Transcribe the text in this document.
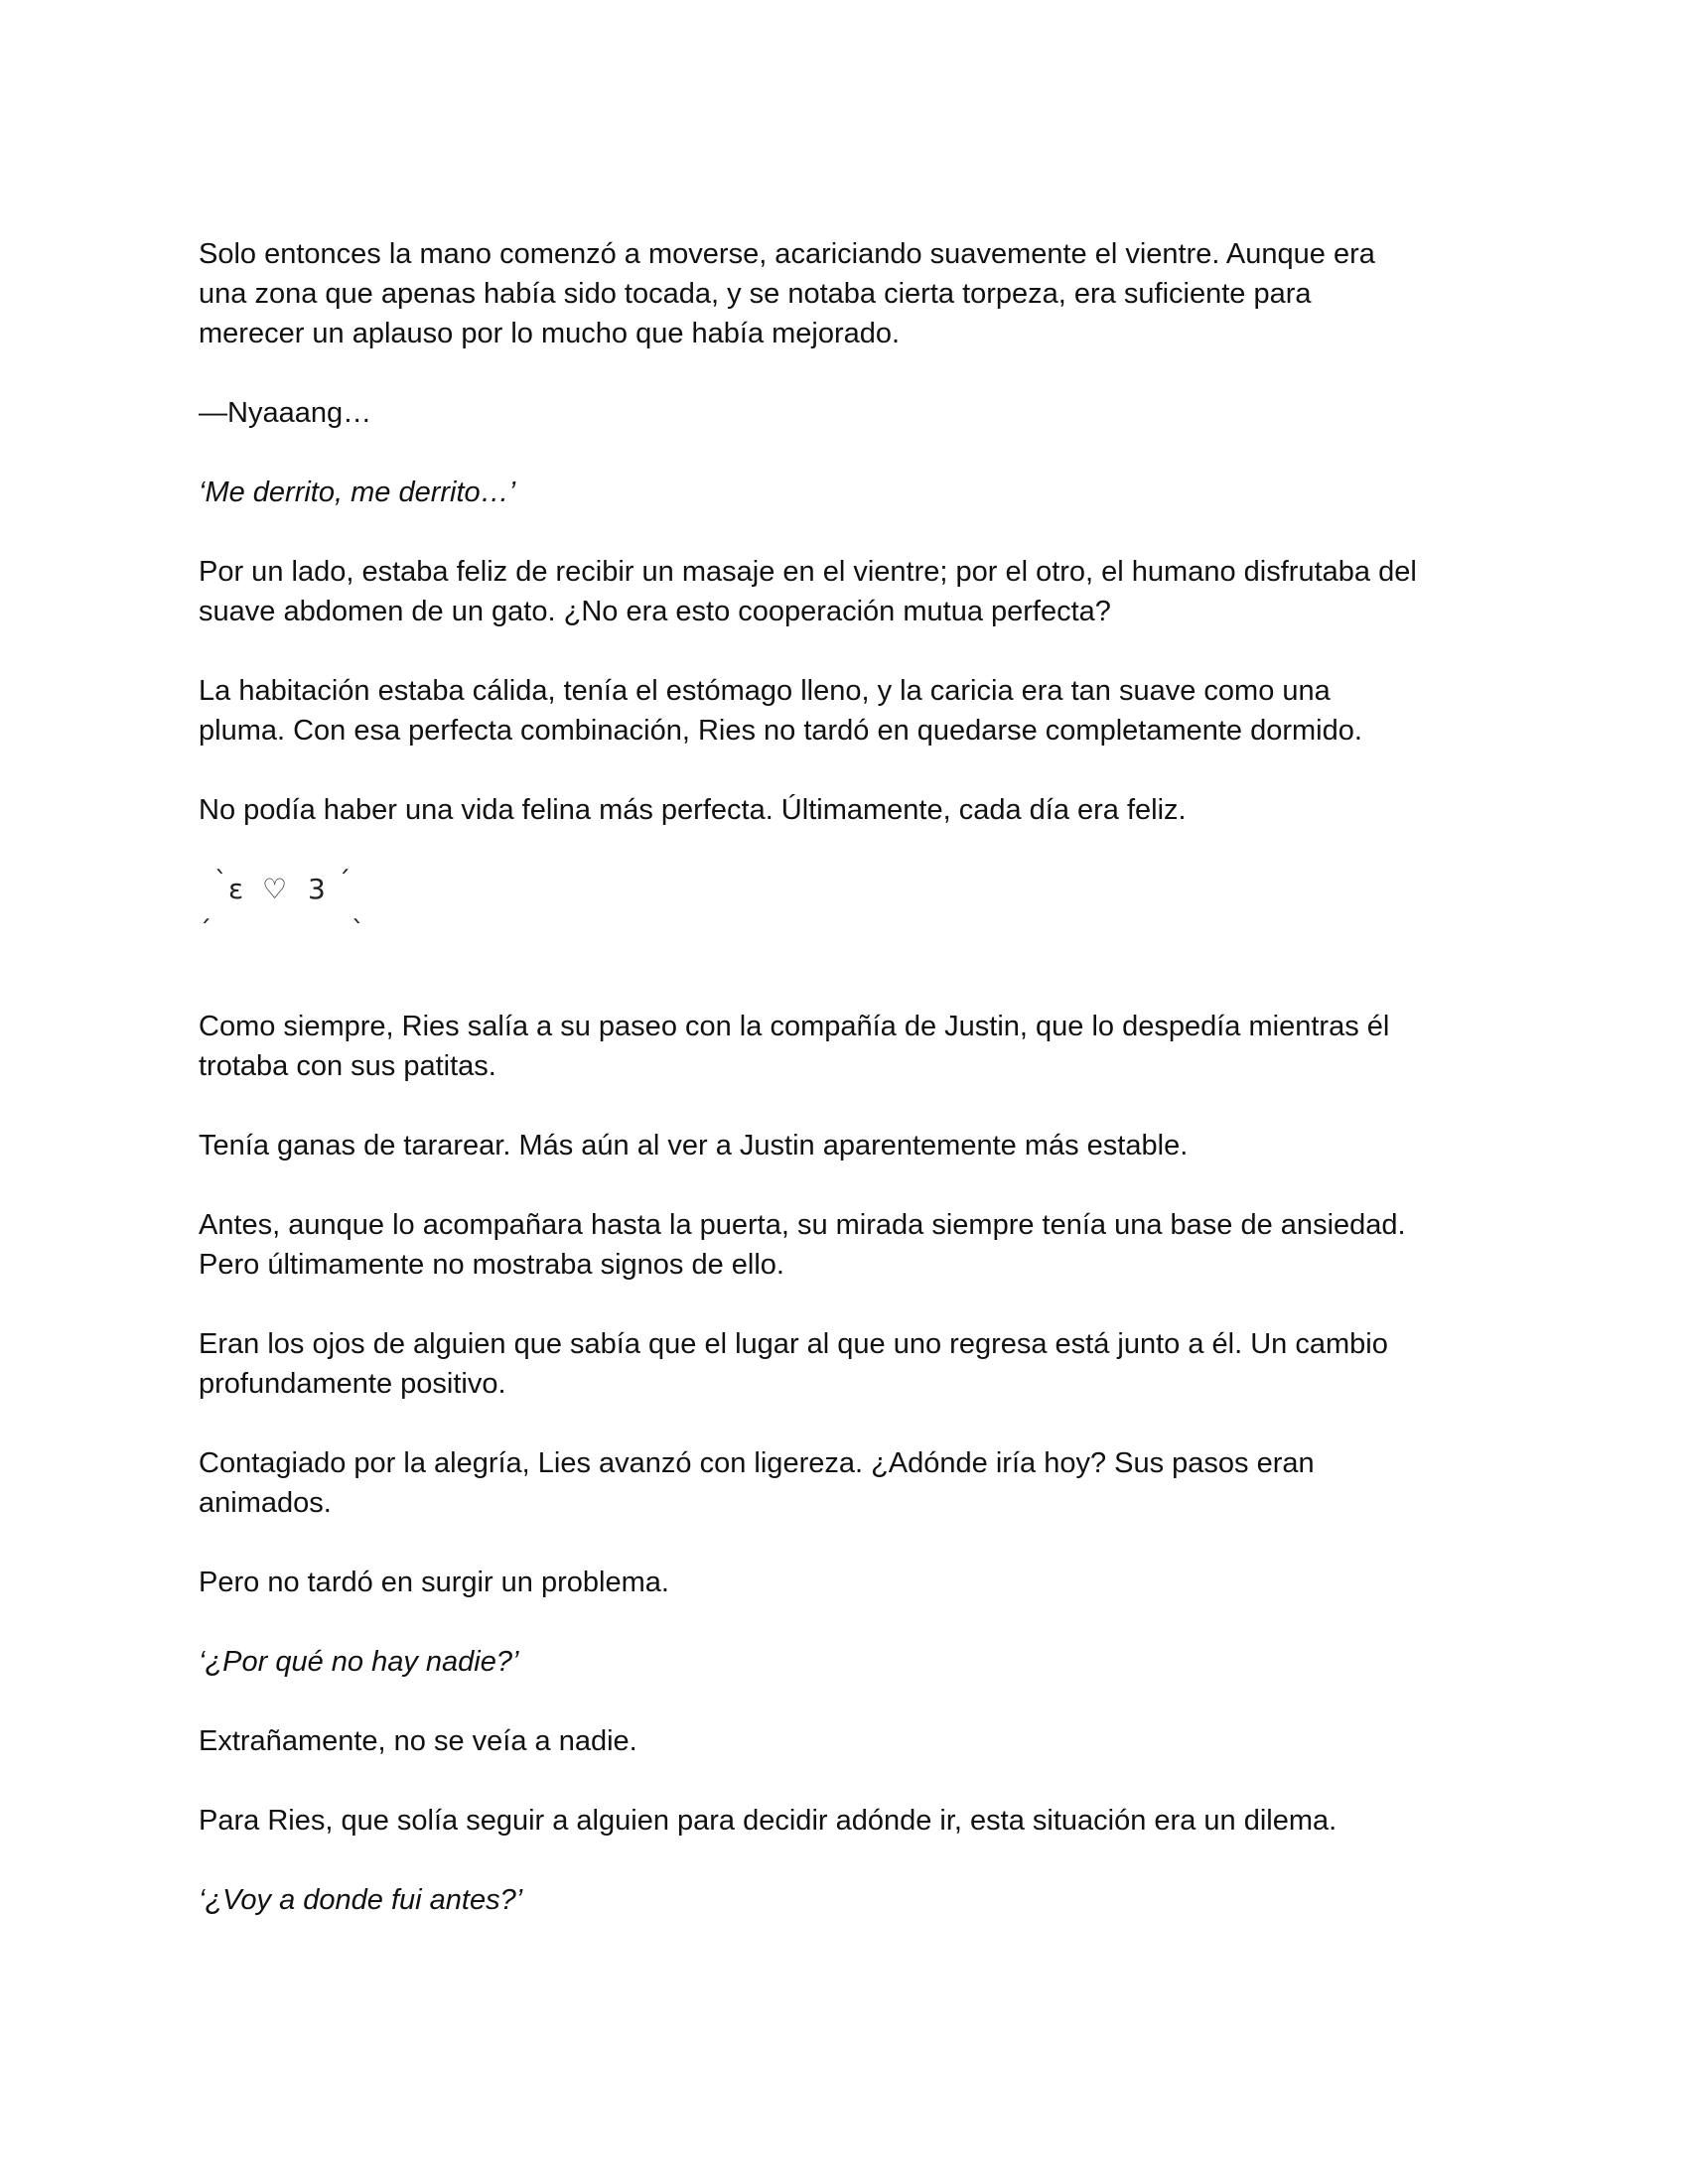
Solo entonces la mano comenzó a moverse, acariciando suavemente el vientre. Aunque era
una zona que apenas había sido tocada, y se notaba cierta torpeza, era suficiente para
merecer un aplauso por lo mucho que había mejorado.

—Nyaaang…

‘Me derrito, me derrito…’

Por un lado, estaba feliz de recibir un masaje en el vientre; por el otro, el humano disfrutaba del
suave abdomen de un gato. ¿No era esto cooperación mutua perfecta?

La habitación estaba cálida, tenía el estómago lleno, y la caricia era tan suave como una
pluma. Con esa perfecta combinación, Ries no tardó en quedarse completamente dormido.

No podía haber una vida felina más perfecta. Últimamente, cada día era feliz.

ˋ
ˏ
ε ♡ 3 ˊ
ˎ

Como siempre, Ries salía a su paseo con la compañía de Justin, que lo despedía mientras él
trotaba con sus patitas.

Tenía ganas de tararear. Más aún al ver a Justin aparentemente más estable.

Antes, aunque lo acompañara hasta la puerta, su mirada siempre tenía una base de ansiedad.
Pero últimamente no mostraba signos de ello.

Eran los ojos de alguien que sabía que el lugar al que uno regresa está junto a él. Un cambio
profundamente positivo.

Contagiado por la alegría, Lies avanzó con ligereza. ¿Adónde iría hoy? Sus pasos eran
animados.

Pero no tardó en surgir un problema.

‘¿Por qué no hay nadie?’

Extrañamente, no se veía a nadie.

Para Ries, que solía seguir a alguien para decidir adónde ir, esta situación era un dilema.

‘¿Voy a donde fui antes?’
